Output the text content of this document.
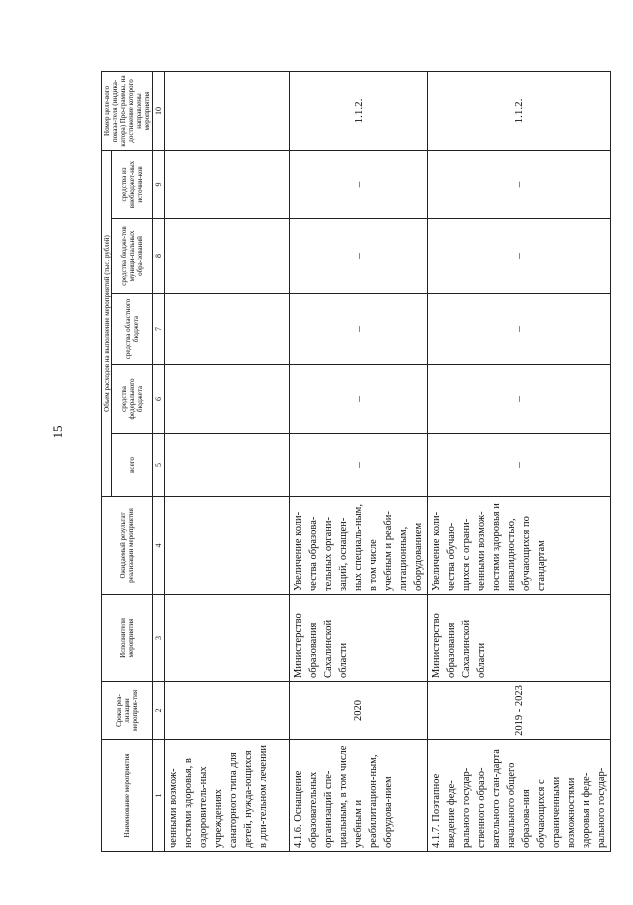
15
Наименование мероприятия	Сроки реа-лизации мероприя-тия	Исполнители мероприятия	Ожидаемый результат реализации мероприятия	Объем расходов на выполнение мероприятий (тыс. рублей)					Номер целе-вого показа-теля (индика-катора) Про-граммы, на достижение которого направлены мероприятия
				всего	средства федерального бюджета	средства областного бюджета	средства бюдже-тов муници-пальных обра-зований	средства из внебюджет-ных источни-ков	
1	2	3	4	5	6	7	8	9	10
ченными возмож-ностями здоровья, в оздоровитель-ных учреждениях санаторного типа для детей, нужда-ющихся в дли-тельном лечении									
4.1.6. Оснащение образовательных организаций спе-циальным, в том числе учебным и реабилитацион-ным, оборудова-нием	2020	Министерство образования Сахалинской области	Увеличение коли-чества образова-тельных органи-заций, оснащен-ных специаль-ным, в том числе учебным и реаби-литационным, оборудованием	–	–	–	–	–	1.1.2.
4.1.7. Поэтапное введение феде-рального государ-ственного образо-вательного стан-дарта начального общего образова-ния обучающихся с ограниченными возможностями здоровья и феде-рального государ-	2019 - 2023	Министерство образования Сахалинской области	Увеличение коли-чества обучаю-щихся с ограни-ченными возмож-ностями здоровья и инвалидностью, обучающихся по стандартам	–	–	–	–	–	1.1.2.
